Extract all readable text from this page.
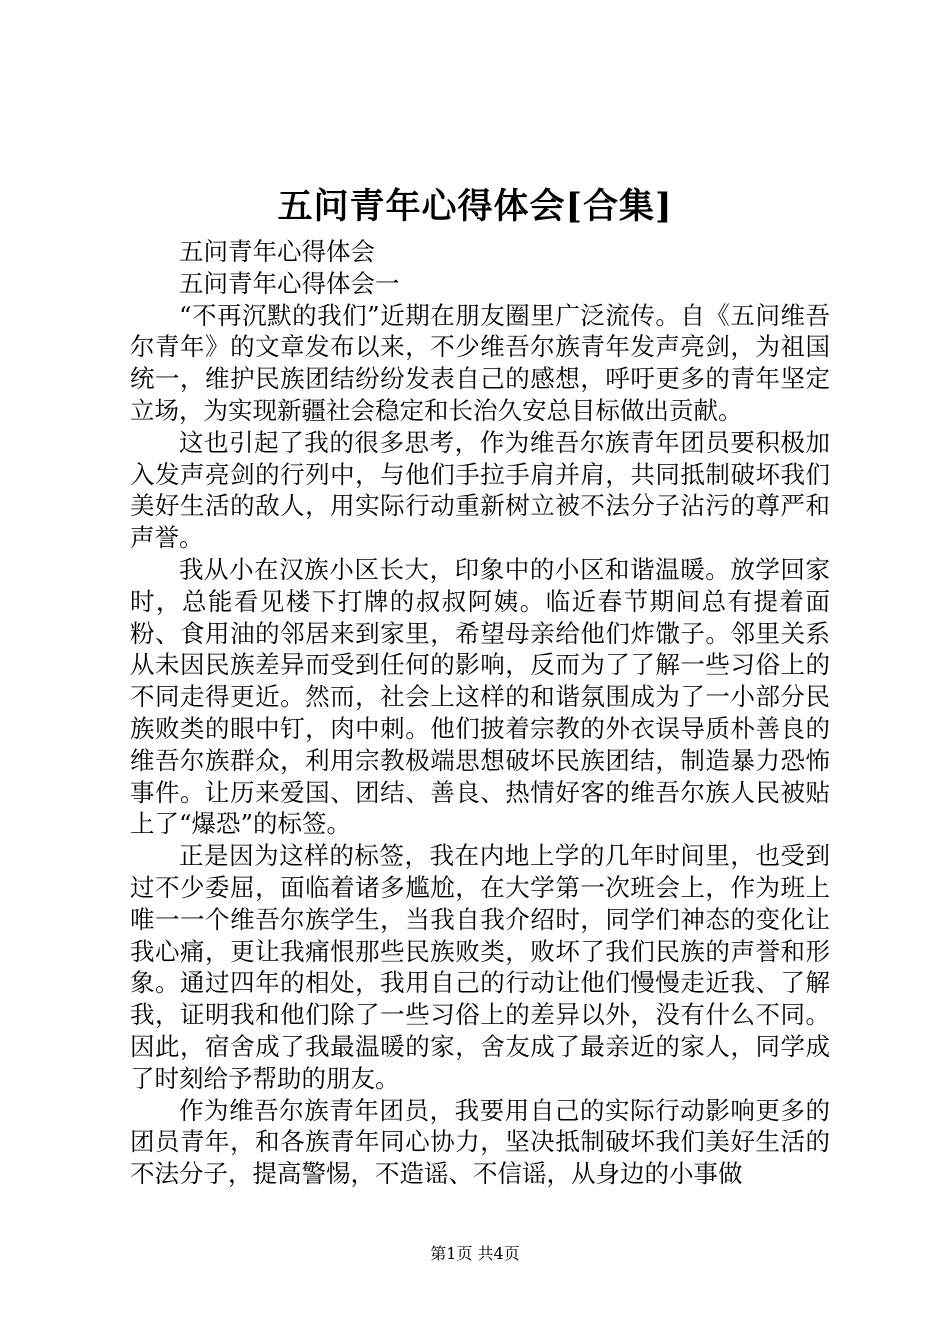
五问青年心得体会[合集]

五问青年心得体会

五问青年心得体会一

“不再沉默的我们”近期在朋友圈里广泛流传。自《五问维吾尔青年》的文章发布以来，不少维吾尔族青年发声亮剑，为祖国统一，维护民族团结纷纷发表自己的感想，呼吁更多的青年坚定立场，为实现新疆社会稳定和长治久安总目标做出贡献。

这也引起了我的很多思考，作为维吾尔族青年团员要积极加入发声亮剑的行列中，与他们手拉手肩并肩，共同抵制破坏我们美好生活的敌人，用实际行动重新树立被不法分子沾污的尊严和声誉。

我从小在汉族小区长大，印象中的小区和谐温暖。放学回家时，总能看见楼下打牌的叔叔阿姨。临近春节期间总有提着面粉、食用油的邻居来到家里，希望母亲给他们炸馓子。邻里关系从未因民族差异而受到任何的影响，反而为了了解一些习俗上的不同走得更近。然而，社会上这样的和谐氛围成为了一小部分民族败类的眼中钉，肉中刺。他们披着宗教的外衣误导质朴善良的维吾尔族群众，利用宗教极端思想破坏民族团结，制造暴力恐怖事件。让历来爱国、团结、善良、热情好客的维吾尔族人民被贴上了“爆恐”的标签。

正是因为这样的标签，我在内地上学的几年时间里，也受到过不少委屈，面临着诸多尴尬，在大学第一次班会上，作为班上唯一一个维吾尔族学生，当我自我介绍时，同学们神态的变化让我心痛，更让我痛恨那些民族败类，败坏了我们民族的声誉和形象。通过四年的相处，我用自己的行动让他们慢慢走近我、了解我，证明我和他们除了一些习俗上的差异以外，没有什么不同。因此，宿舍成了我最温暖的家，舍友成了最亲近的家人，同学成了时刻给予帮助的朋友。

作为维吾尔族青年团员，我要用自己的实际行动影响更多的团员青年，和各族青年同心协力，坚决抵制破坏我们美好生活的不法分子，提高警惕，不造谣、不信谣，从身边的小事做

第1页 共4页
